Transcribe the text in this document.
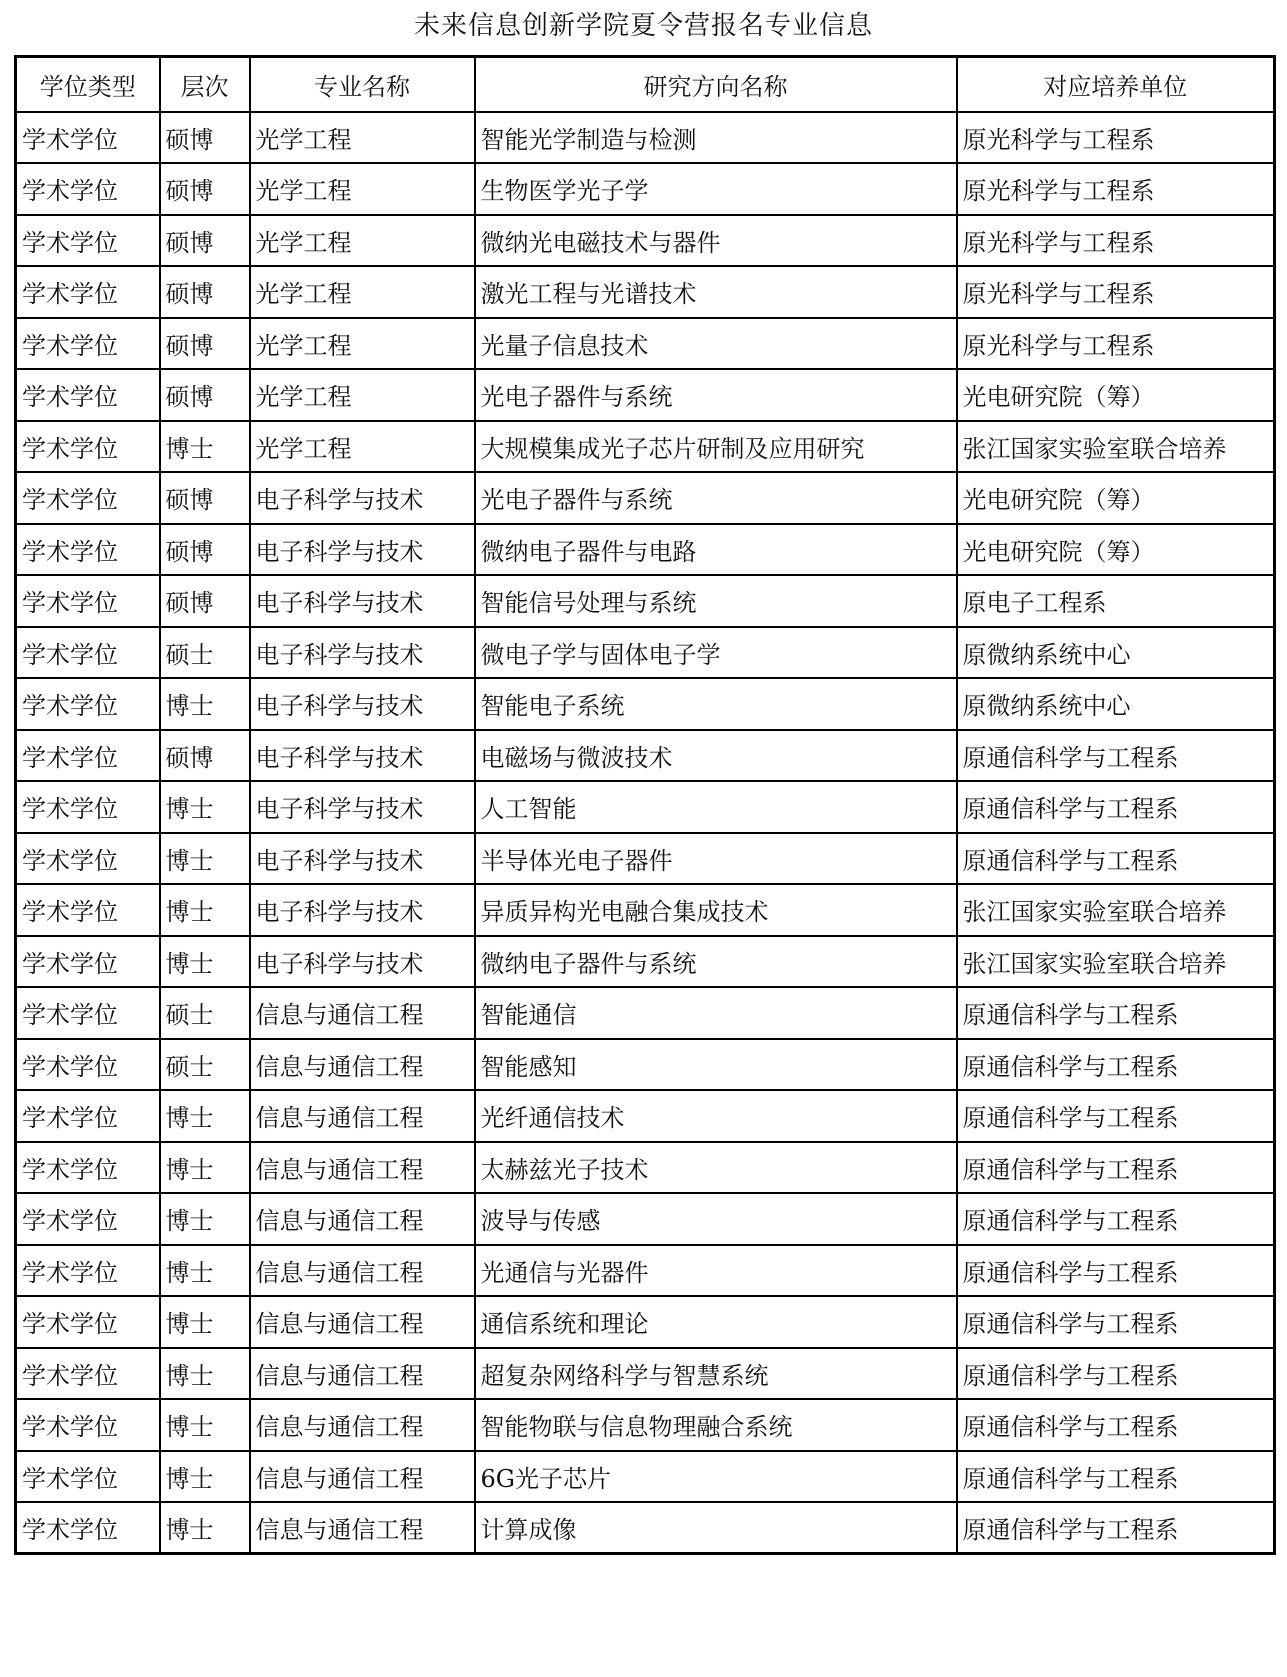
未来信息创新学院夏令营报名专业信息
学位类型	层次	专业名称	研究方向名称	对应培养单位
学术学位	硕博	光学工程	智能光学制造与检测	原光科学与工程系
学术学位	硕博	光学工程	生物医学光子学	原光科学与工程系
学术学位	硕博	光学工程	微纳光电磁技术与器件	原光科学与工程系
学术学位	硕博	光学工程	激光工程与光谱技术	原光科学与工程系
学术学位	硕博	光学工程	光量子信息技术	原光科学与工程系
学术学位	硕博	光学工程	光电子器件与系统	光电研究院（筹）
学术学位	博士	光学工程	大规模集成光子芯片研制及应用研究	张江国家实验室联合培养
学术学位	硕博	电子科学与技术	光电子器件与系统	光电研究院（筹）
学术学位	硕博	电子科学与技术	微纳电子器件与电路	光电研究院（筹）
学术学位	硕博	电子科学与技术	智能信号处理与系统	原电子工程系
学术学位	硕士	电子科学与技术	微电子学与固体电子学	原微纳系统中心
学术学位	博士	电子科学与技术	智能电子系统	原微纳系统中心
学术学位	硕博	电子科学与技术	电磁场与微波技术	原通信科学与工程系
学术学位	博士	电子科学与技术	人工智能	原通信科学与工程系
学术学位	博士	电子科学与技术	半导体光电子器件	原通信科学与工程系
学术学位	博士	电子科学与技术	异质异构光电融合集成技术	张江国家实验室联合培养
学术学位	博士	电子科学与技术	微纳电子器件与系统	张江国家实验室联合培养
学术学位	硕士	信息与通信工程	智能通信	原通信科学与工程系
学术学位	硕士	信息与通信工程	智能感知	原通信科学与工程系
学术学位	博士	信息与通信工程	光纤通信技术	原通信科学与工程系
学术学位	博士	信息与通信工程	太赫兹光子技术	原通信科学与工程系
学术学位	博士	信息与通信工程	波导与传感	原通信科学与工程系
学术学位	博士	信息与通信工程	光通信与光器件	原通信科学与工程系
学术学位	博士	信息与通信工程	通信系统和理论	原通信科学与工程系
学术学位	博士	信息与通信工程	超复杂网络科学与智慧系统	原通信科学与工程系
学术学位	博士	信息与通信工程	智能物联与信息物理融合系统	原通信科学与工程系
学术学位	博士	信息与通信工程	6G光子芯片	原通信科学与工程系
学术学位	博士	信息与通信工程	计算成像	原通信科学与工程系
